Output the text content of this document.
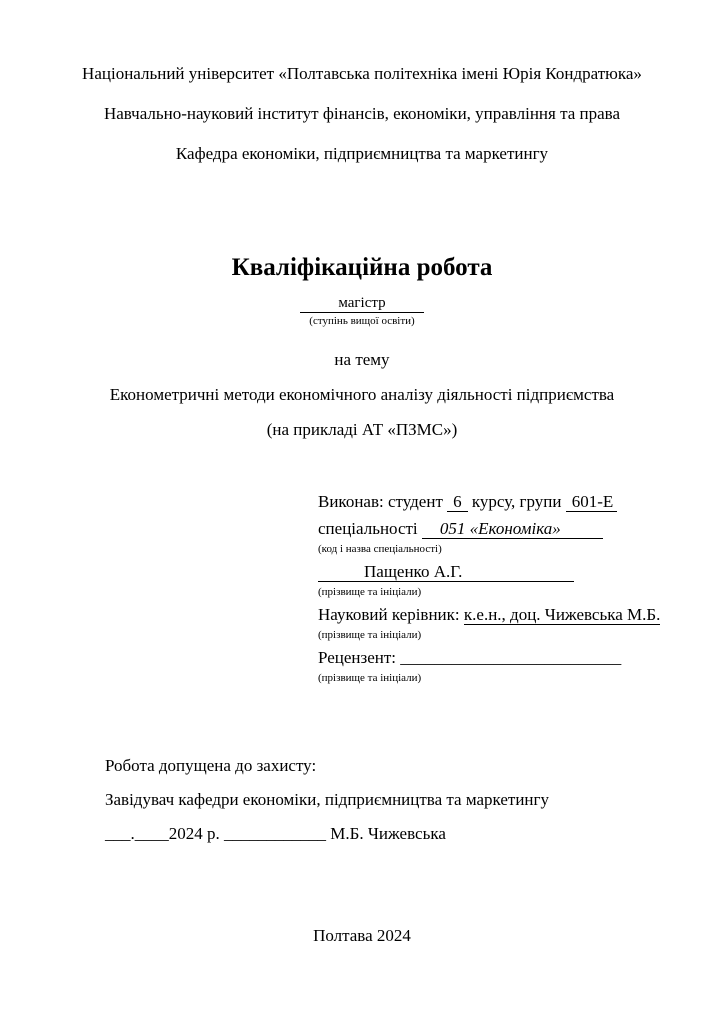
Національний університет «Полтавська політехніка імені Юрія Кондратюка»

Навчально-науковий інститут фінансів, економіки, управління та права

Кафедра економіки, підприємництва та маркетингу

Кваліфікаційна робота

магістр

(ступінь вищої освіти)

на тему

Економетричні методи економічного аналізу діяльності підприємства

(на прикладі АТ «ПЗМС»)

Виконав: студент 6 курсу, групи 601-Е

спеціальності 051 «Економіка»

(код і назва спеціальності)

Пащенко А.Г.

(прізвище та ініціали)

Науковий керівник: к.е.н., доц. Чижевська М.Б.

(прізвище та ініціали)

Рецензент: __________________________

(прізвище та ініціали)

Робота допущена до захисту:

Завідувач кафедри економіки, підприємництва та маркетингу

___.____2024 р. ____________ М.Б. Чижевська

Полтава 2024
